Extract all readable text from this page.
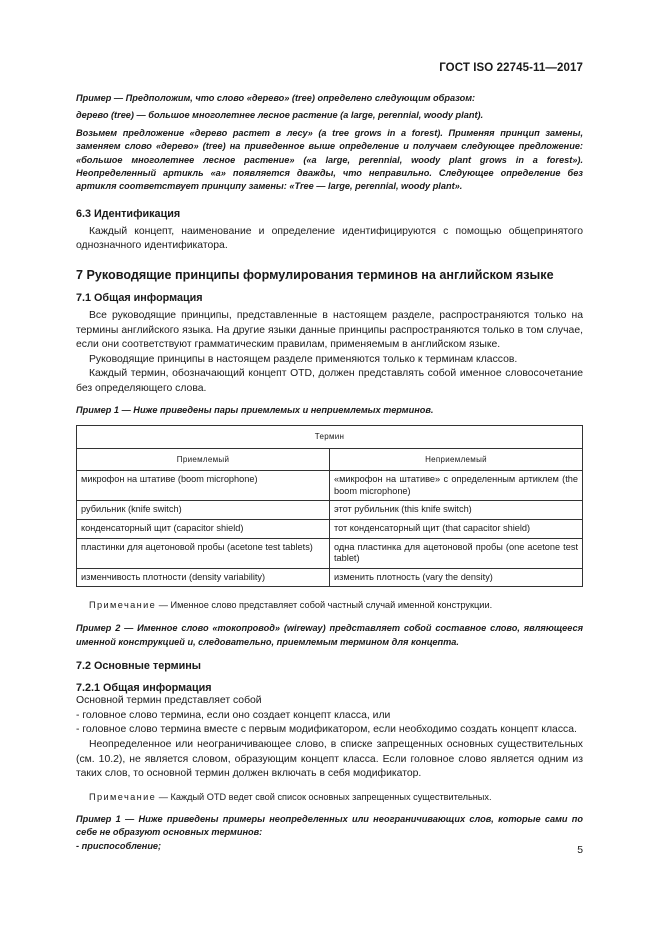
ГОСТ ISO 22745-11—2017

Пример — Предположим, что слово «дерево» (tree) определено следующим образом:

дерево (tree) — большое многолетнее лесное растение (a large, perennial, woody plant).

Возьмем предложение «дерево растет в лесу» (a tree grows in a forest). Применяя принцип замены, заменяем слово «дерево» (tree) на приведенное выше определение и получаем следующее предложение: «большое многолетнее лесное растение» («a large, perennial, woody plant grows in a forest»). Неопределенный артикль «a» появляется дважды, что неправильно. Следующее определение без артикля соответствует принципу замены: «Tree — large, perennial, woody plant».

6.3 Идентификация

Каждый концепт, наименование и определение идентифицируются с помощью общепринятого однозначного идентификатора.

7 Руководящие принципы формулирования терминов на английском языке

7.1 Общая информация

Все руководящие принципы, представленные в настоящем разделе, распространяются только на термины английского языка. На другие языки данные принципы распространяются только в том случае, если они соответствуют грамматическим правилам, применяемым в английском языке.

Руководящие принципы в настоящем разделе применяются только к терминам классов.

Каждый термин, обозначающий концепт OTD, должен представлять собой именное словосочетание без определяющего слова.

Пример 1 — Ниже приведены пары приемлемых и неприемлемых терминов.

Термин	
Приемлемый	Неприемлемый
микрофон на штативе (boom microphone)	«микрофон на штативе» с определенным артиклем (the boom microphone)
рубильник (knife switch)	этот рубильник (this knife switch)
конденсаторный щит (capacitor shield)	тот конденсаторный щит (that capacitor shield)
пластинки для ацетоновой пробы (acetone test tablets)	одна пластинка для ацетоновой пробы (one acetone test tablet)
изменчивость плотности (density variability)	изменить плотность (vary the density)

Примечание — Именное слово представляет собой частный случай именной конструкции.

Пример 2 — Именное слово «токопровод» (wireway) представляет собой составное слово, являющееся именной конструкцией и, следовательно, приемлемым термином для концепта.

7.2 Основные термины

7.2.1 Общая информация

Основной термин представляет собой

- головное слово термина, если оно создает концепт класса, или

- головное слово термина вместе с первым модификатором, если необходимо создать концепт класса.

Неопределенное или неограничивающее слово, в списке запрещенных основных существительных (см. 10.2), не является словом, образующим концепт класса. Если головное слово является одним из таких слов, то основной термин должен включать в себя модификатор.

Примечание — Каждый OTD ведет свой список основных запрещенных существительных.

Пример 1 — Ниже приведены примеры неопределенных или неограничивающих слов, которые сами по себе не образуют основных терминов:

- приспособление;	5
